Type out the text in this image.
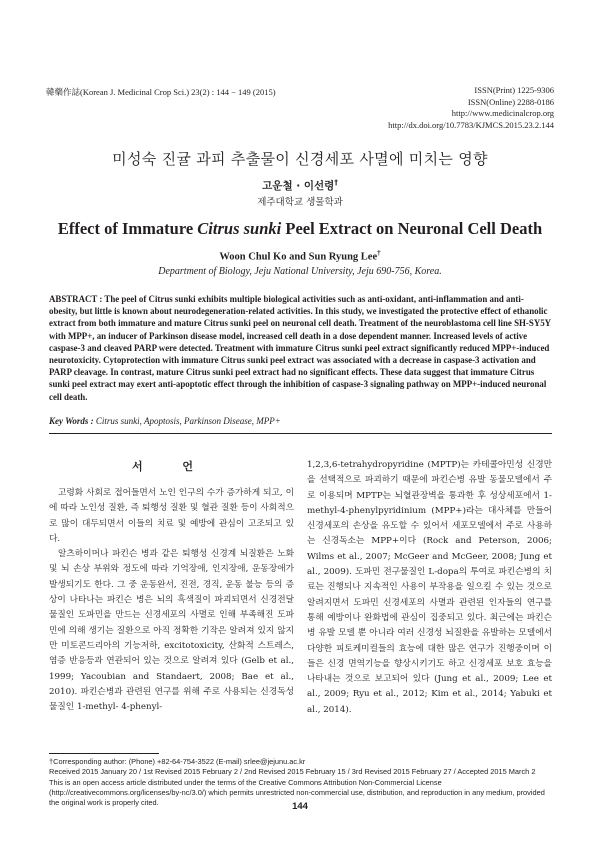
韓藥作誌(Korean J. Medicinal Crop Sci.) 23(2) : 144 − 149 (2015)	ISSN(Print) 1225-9306
ISSN(Online) 2288-0186
http://www.medicinalcrop.org
http://dx.doi.org/10.7783/KJMCS.2015.23.2.144
미성숙 진귤 과피 추출물이 신경세포 사멸에 미치는 영향
고운철 · 이선령†
제주대학교 생물학과
Effect of Immature Citrus sunki Peel Extract on Neuronal Cell Death
Woon Chul Ko and Sun Ryung Lee†
Department of Biology, Jeju National University, Jeju 690-756, Korea.

ABSTRACT : The peel of Citrus sunki exhibits multiple biological activities such as anti-oxidant, anti-inflammation and anti-obesity, but little is known about neurodegeneration-related activities. In this study, we investigated the protective effect of ethanolic extract from both immature and mature Citrus sunki peel on neuronal cell death. Treatment of the neuroblastoma cell line SH-SY5Y with MPP+, an inducer of Parkinson disease model, increased cell death in a dose dependent manner. Increased levels of active caspase-3 and cleaved PARP were detected. Treatment with immature Citrus sunki peel extract significantly reduced MPP+-induced neurotoxicity. Cytoprotection with immature Citrus sunki peel extract was associated with a decrease in caspase-3 activation and PARP cleavage. In contrast, mature Citrus sunki peel extract had no significant effects. These data suggest that immature Citrus sunki peel extract may exert anti-apoptotic effect through the inhibition of caspase-3 signaling pathway on MPP+-induced neuronal cell death.

Key Words : Citrus sunki, Apoptosis, Parkinson Disease, MPP+
서 언

고령화 사회로 접어들면서 노인 인구의 수가 증가하게 되고, 이에 따라 노인성 질환, 즉 퇴행성 질환 및 혈관 질환 등이 사회적으로 많이 대두되면서 이들의 치료 및 예방에 관심이 고조되고 있다.

알츠하이머나 파킨슨 병과 같은 퇴행성 신경계 뇌질환은 노화 및 뇌 손상 부위와 정도에 따라 기억장애, 인지장애, 운동장애가 발생되기도 한다. 그 중 운동완서, 진전, 경직, 운동 불능 등의 증상이 나타나는 파킨슨 병은 뇌의 흑색질이 파괴되면서 신경전달물질인 도파민을 만드는 신경세포의 사멸로 인해 부족해진 도파민에 의해 생기는 질환으로 아직 정확한 기작은 알려져 있지 않지만 미토콘드리아의 기능저하, excitotoxicity, 산화적 스트레스, 염증 반응등과 연관되어 있는 것으로 알려져 있다 (Gelb et al., 1999; Yacoubian and Standaert, 2008; Bae et al., 2010). 파킨슨병과 관련된 연구를 위해 주로 사용되는 신경독성물질인 1-methyl- 4-phenyl-

1,2,3,6-tetrahydropyridine (MPTP)는 카테콜아민성 신경만을 선택적으로 파괴하기 때문에 파킨슨병 유발 동물모델에서 주로 이용되며 MPTP는 뇌혈관장벽을 통과한 후 성상세포에서 1-methyl-4-phenylpyridinium (MPP+)라는 대사체를 만들어 신경세포의 손상을 유도할 수 있어서 세포모델에서 주로 사용하는 신경독소는 MPP+이다 (Rock and Peterson, 2006; Wilms et al., 2007; McGeer and McGeer, 2008; Jung et al., 2009). 도파민 전구물질인 L-dopa의 투여로 파킨슨병의 치료는 진행되나 지속적인 사용이 부작용을 일으킬 수 있는 것으로 알려지면서 도파민 신경세포의 사멸과 관련된 인자들의 연구를 통해 예방이나 완화법에 관심이 집중되고 있다. 최근에는 파킨슨병 유발 모델 뿐 아니라 여러 신경성 뇌질환을 유발하는 모델에서 다양한 피토케미컬들의 효능에 대한 많은 연구가 진행중이며 이들은 신경 면역기능을 향상시키기도 하고 신경세포 보호 효능을 나타내는 것으로 보고되어 있다 (Jung et al., 2009; Lee et al., 2009; Ryu et al., 2012; Kim et al., 2014; Yabuki et al., 2014).

†Corresponding author: (Phone) +82-64-754-3522 (E-mail) srlee@jejunu.ac.kr
Received 2015 January 20 / 1st Revised 2015 February 2 / 2nd Revised 2015 February 15 / 3rd Revised 2015 February 27 / Accepted 2015 March 2
This is an open access article distributed under the terms of the Creative Commons Attribution Non-Commercial License (http://creativecommons.org/licenses/by-nc/3.0/) which permits unrestricted non-commercial use, distribution, and reproduction in any medium, provided the original work is properly cited.	144
